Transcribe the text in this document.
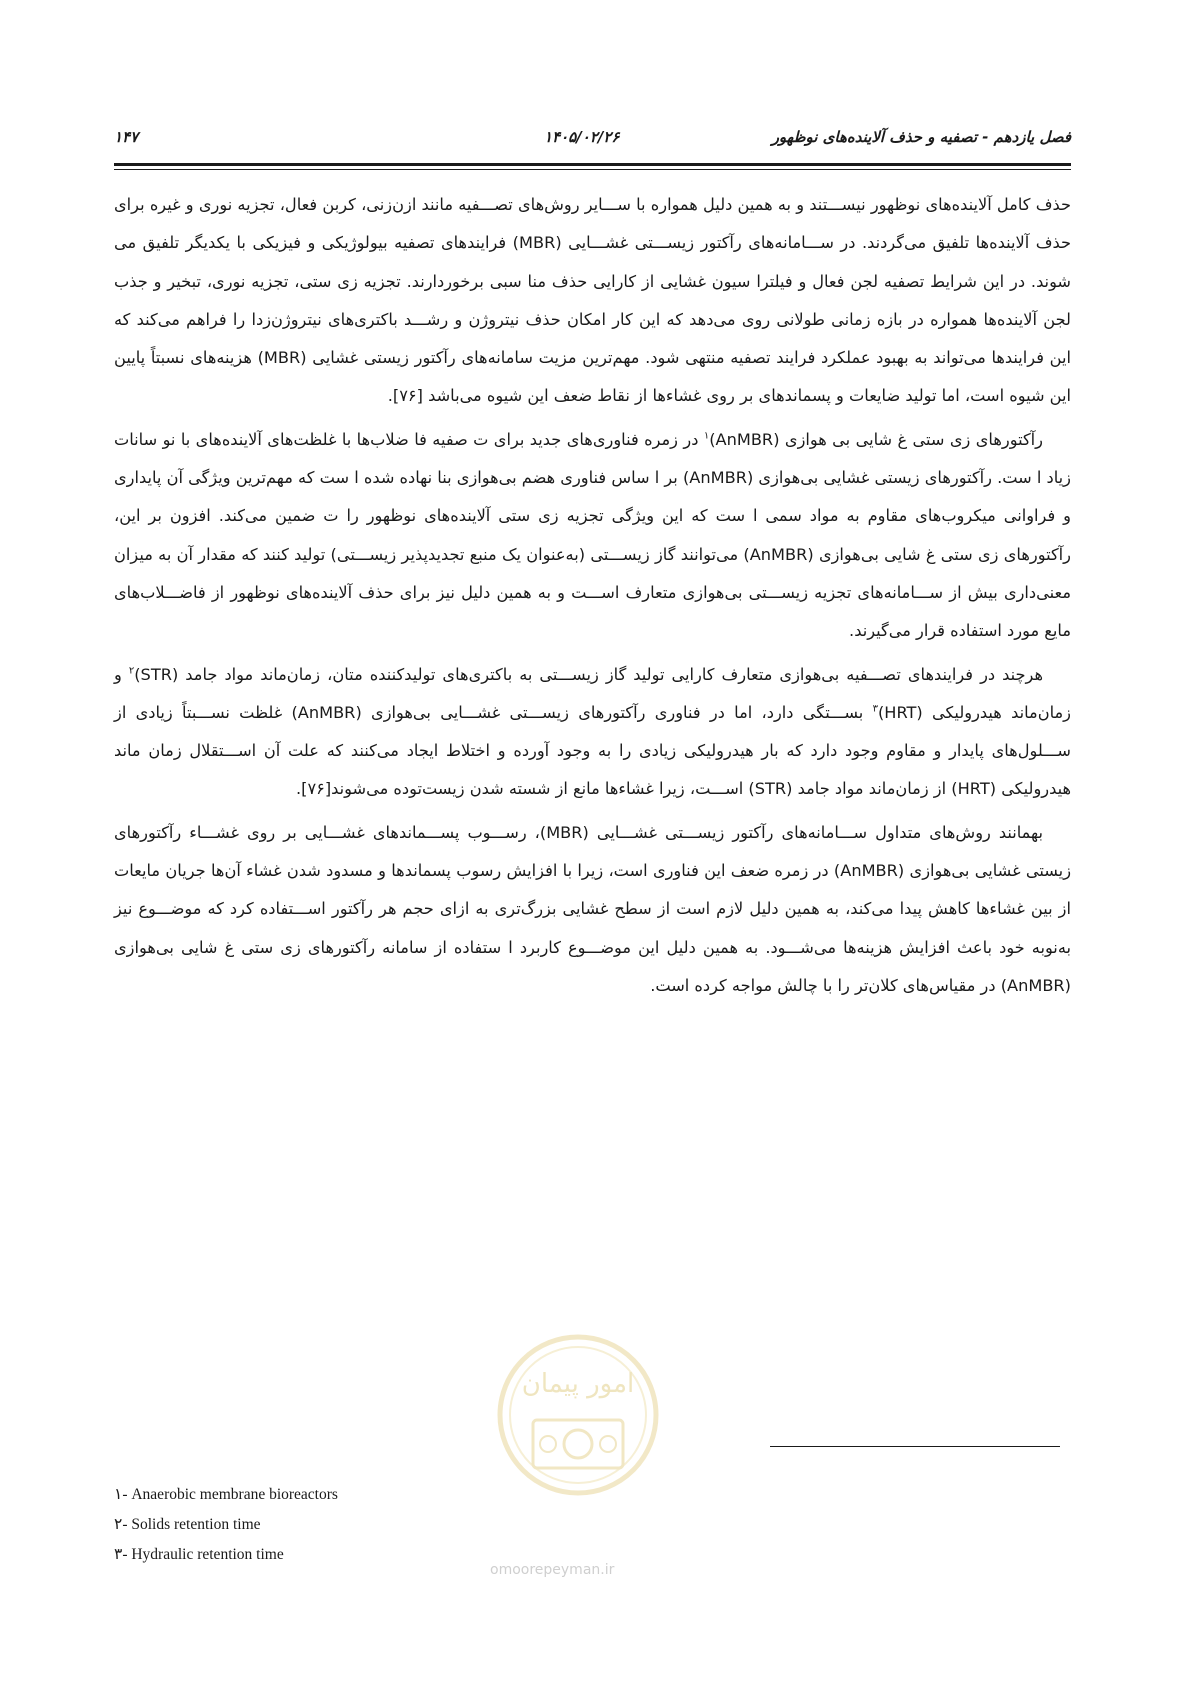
۱۴۷	۱۴۰۵/۰۲/۲۶	فصل یازدهم - تصفیه و حذف آلاینده‌های نوظهور

حذف کامل آلاینده‌های نوظهور نیســـتند و به همین دلیل همواره با ســـایر روش‌های تصـــفیه مانند ازن‌زنی، کربن فعال، تجزیه نوری و غیره برای حذف آلاینده‌ها تلفیق می‌گردند. در ســـامانه‌های رآکتور زیســـتی غشـــایی (MBR) فرایندهای تصفیه بیولوژیکی و فیزیکی با یکدیگر تلفیق می شوند. در این شرایط تصفیه لجن فعال و فیلترا سیون غشایی از کارایی حذف منا سبی برخوردارند. تجزیه زی ستی، تجزیه نوری، تبخیر و جذب لجن آلاینده‌ها همواره در بازه زمانی طولانی روی می‌دهد که این کار امکان حذف نیتروژن و رشـــد باکتری‌های نیتروژن‌زدا را فراهم می‌کند که این فرایندها می‌تواند به بهبود عملکرد فرایند تصفیه منتهی شود. مهم‌ترین مزیت سامانه‌های رآکتور زیستی غشایی (MBR) هزینه‌های نسبتاً پایین این شیوه است، اما تولید ضایعات و پسماندهای بر روی غشاءها از نقاط ضعف این شیوه می‌باشد [۷۶].

رآکتورهای زی ستی غ شایی بی هوازی (AnMBR)$^۱$ در زمره فناوری‌های جدید برای ت صفیه فا ضلاب‌ها با غلظت‌های آلاینده‌های با نو سانات زیاد ا ست. رآکتورهای زیستی غشایی بی‌هوازی (AnMBR) بر ا ساس فناوری هضم بی‌هوازی بنا نهاده شده ا ست که مهم‌ترین ویژگی آن پایداری و فراوانی میکروب‌های مقاوم به مواد سمی ا ست که این ویژگی تجزیه زی ستی آلاینده‌های نوظهور را ت ضمین می‌کند. افزون بر این، رآکتورهای زی ستی غ شایی بی‌هوازی (AnMBR) می‌توانند گاز زیســـتی (به‌عنوان یک منبع تجدیدپذیر زیســـتی) تولید کنند که مقدار آن به میزان معنی‌داری بیش از ســـامانه‌های تجزیه زیســـتی بی‌هوازی متعارف اســـت و به همین دلیل نیز برای حذف آلاینده‌های نوظهور از فاضـــلاب‌های مایع مورد استفاده قرار می‌گیرند.

هرچند در فرایندهای تصـــفیه بی‌هوازی متعارف کارایی تولید گاز زیســـتی به باکتری‌های تولیدکننده متان، زمان‌ماند مواد جامد (STR)$^۲$ و زمان‌ماند هیدرولیکی (HRT)$^۳$ بســـتگی دارد، اما در فناوری رآکتورهای زیســـتی غشـــایی بی‌هوازی (AnMBR) غلظت نســـبتاً زیادی از ســـلول‌های پایدار و مقاوم وجود دارد که بار هیدرولیکی زیادی را به وجود آورده و اختلاط ایجاد می‌کنند که علت آن اســـتقلال زمان ماند هیدرولیکی (HRT) از زمان‌ماند مواد جامد (STR) اســـت، زیرا غشاءها مانع از شسته شدن زیست‌توده می‌شوند[۷۶].

بهمانند روش‌های متداول ســـامانه‌های رآکتور زیســـتی غشـــایی (MBR)، رســـوب پســـماندهای غشـــایی بر روی غشـــاء رآکتورهای زیستی غشایی بی‌هوازی (AnMBR) در زمره ضعف این فناوری است، زیرا با افزایش رسوب پسماندها و مسدود شدن غشاء آن‌ها جریان مایعات از بین غشاءها کاهش پیدا می‌کند، به همین دلیل لازم است از سطح غشایی بزرگ‌تری به ازای حجم هر رآکتور اســـتفاده کرد که موضـــوع نیز به‌نوبه خود باعث افزایش هزینه‌ها می‌شـــود. به همین دلیل این موضـــوع کاربرد ا ستفاده از سامانه رآکتورهای زی ستی غ شایی بی‌هوازی (AnMBR) در مقیاس‌های کلان‌تر را با چالش مواجه کرده است.

امور پیمان
omoorepeyman.ir
۱- Anaerobic membrane bioreactors
۲- Solids retention time
۳- Hydraulic retention time
